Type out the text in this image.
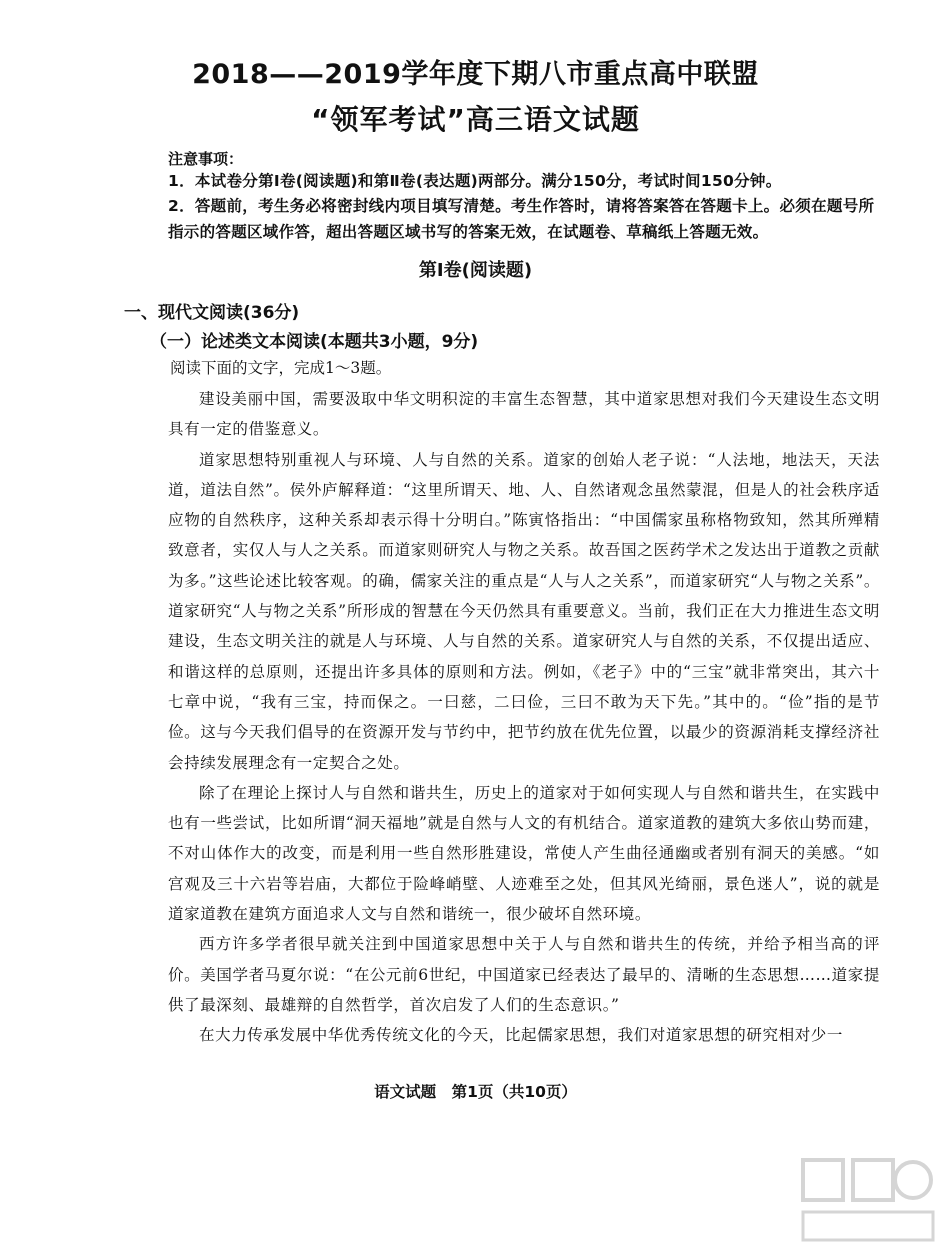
2018——2019学年度下期八市重点高中联盟
“领军考试”高三语文试题
注意事项：

1．本试卷分第Ⅰ卷(阅读题)和第Ⅱ卷(表达题)两部分。满分150分，考试时间150分钟。

2．答题前，考生务必将密封线内项目填写清楚。考生作答时，请将答案答在答题卡上。必须在题号所指示的答题区域作答，超出答题区域书写的答案无效，在试题卷、草稿纸上答题无效。

第Ⅰ卷(阅读题)
一、现代文阅读(36分)
（一）论述类文本阅读(本题共3小题，9分)
阅读下面的文字，完成1～3题。

建设美丽中国，需要汲取中华文明积淀的丰富生态智慧，其中道家思想对我们今天建设生态文明具有一定的借鉴意义。

道家思想特别重视人与环境、人与自然的关系。道家的创始人老子说：“人法地，地法天，天法道，道法自然”。侯外庐解释道：“这里所谓天、地、人、自然诸观念虽然蒙混，但是人的社会秩序适应物的自然秩序，这种关系却表示得十分明白。”陈寅恪指出：“中国儒家虽称格物致知，然其所殚精致意者，实仅人与人之关系。而道家则研究人与物之关系。故吾国之医药学术之发达出于道教之贡献为多。”这些论述比较客观。的确，儒家关注的重点是“人与人之关系”，而道家研究“人与物之关系”。道家研究“人与物之关系”所形成的智慧在今天仍然具有重要意义。当前，我们正在大力推进生态文明建设，生态文明关注的就是人与环境、人与自然的关系。道家研究人与自然的关系，不仅提出适应、和谐这样的总原则，还提出许多具体的原则和方法。例如，《老子》中的“三宝”就非常突出，其六十七章中说，“我有三宝，持而保之。一曰慈，二曰俭，三曰不敢为天下先。”其中的。“俭”指的是节俭。这与今天我们倡导的在资源开发与节约中，把节约放在优先位置，以最少的资源消耗支撑经济社会持续发展理念有一定契合之处。

除了在理论上探讨人与自然和谐共生，历史上的道家对于如何实现人与自然和谐共生，在实践中也有一些尝试，比如所谓“洞天福地”就是自然与人文的有机结合。道家道教的建筑大多依山势而建，不对山体作大的改变，而是利用一些自然形胜建设，常使人产生曲径通幽或者别有洞天的美感。“如宫观及三十六岩等岩庙，大都位于险峰峭壁、人迹难至之处，但其风光绮丽，景色迷人”，说的就是道家道教在建筑方面追求人文与自然和谐统一，很少破坏自然环境。

西方许多学者很早就关注到中国道家思想中关于人与自然和谐共生的传统，并给予相当高的评价。美国学者马夏尔说：“在公元前6世纪，中国道家已经表达了最早的、清晰的生态思想……道家提供了最深刻、最雄辩的自然哲学，首次启发了人们的生态意识。”

在大力传承发展中华优秀传统文化的今天，比起儒家思想，我们对道家思想的研究相对少一

语文试题　第1页（共10页）
